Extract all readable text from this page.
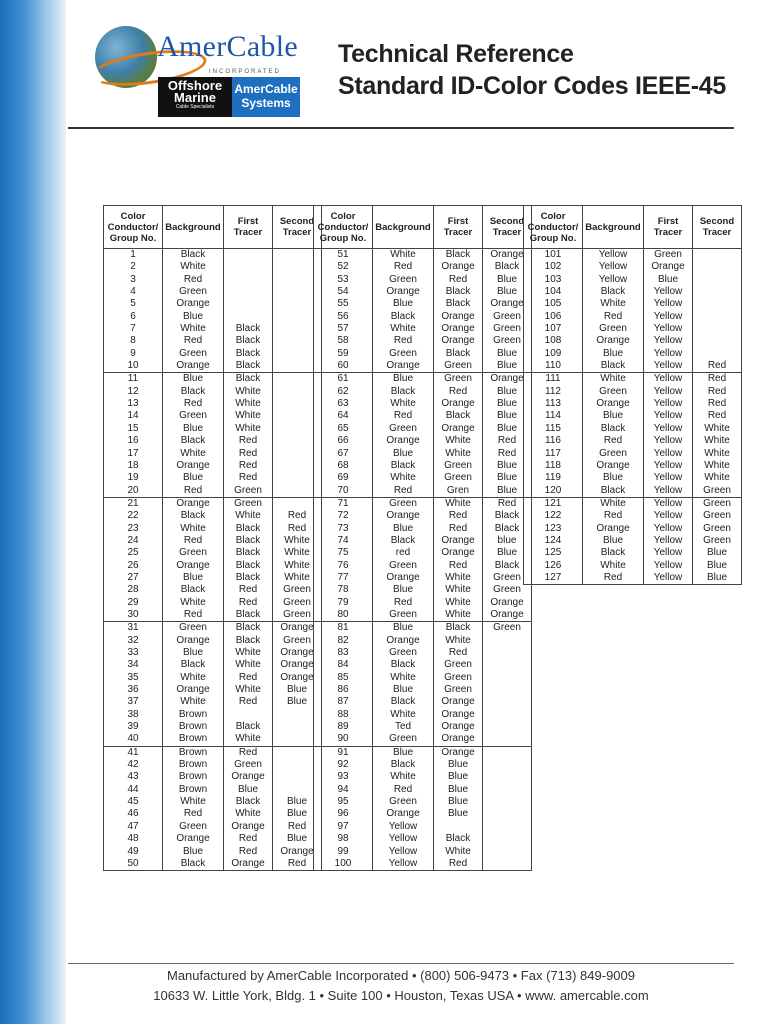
AmerCable
INCORPORATED
Offshore Marine
Cable Specialists
AmerCable Systems
Technical Reference
Standard ID-Color Codes IEEE-45
Color Conductor/ Group No.	Background	First Tracer	Second Tracer
1	Black		
2	White		
3	Red		
4	Green		
5	Orange		
6	Blue		
7	White	Black	
8	Red	Black	
9	Green	Black	
10	Orange	Black	
11	Blue	Black	
12	Black	White	
13	Red	White	
14	Green	White	
15	Blue	White	
16	Black	Red	
17	White	Red	
18	Orange	Red	
19	Blue	Red	
20	Red	Green	
21	Orange	Green	
22	Black	White	Red
23	White	Black	Red
24	Red	Black	White
25	Green	Black	White
26	Orange	Black	White
27	Blue	Black	White
28	Black	Red	Green
29	White	Red	Green
30	Red	Black	Green
31	Green	Black	Orange
32	Orange	Black	Green
33	Blue	White	Orange
34	Black	White	Orange
35	White	Red	Orange
36	Orange	White	Blue
37	White	Red	Blue
38	Brown		
39	Brown	Black	
40	Brown	White	
41	Brown	Red	
42	Brown	Green	
43	Brown	Orange	
44	Brown	Blue	
45	White	Black	Blue
46	Red	White	Blue
47	Green	Orange	Red
48	Orange	Red	Blue
49	Blue	Red	Orange
50	Black	Orange	Red
Color Conductor/ Group No.	Background	First Tracer	Second Tracer
51	White	Black	Orange
52	Red	Orange	Black
53	Green	Red	Blue
54	Orange	Black	Blue
55	Blue	Black	Orange
56	Black	Orange	Green
57	White	Orange	Green
58	Red	Orange	Green
59	Green	Black	Blue
60	Orange	Green	Blue
61	Blue	Green	Orange
62	Black	Red	Blue
63	White	Orange	Blue
64	Red	Black	Blue
65	Green	Orange	Blue
66	Orange	White	Red
67	Blue	White	Red
68	Black	Green	Blue
69	White	Green	Blue
70	Red	Gren	Blue
71	Green	White	Red
72	Orange	Red	Black
73	Blue	Red	Black
74	Black	Orange	blue
75	red	Orange	Blue
76	Green	Red	Black
77	Orange	White	Green
78	Blue	White	Green
79	Red	White	Orange
80	Green	White	Orange
81	Blue	Black	Green
82	Orange	White	
83	Green	Red	
84	Black	Green	
85	White	Green	
86	Blue	Green	
87	Black	Orange	
88	White	Orange	
89	Ted	Orange	
90	Green	Orange	
91	Blue	Orange	
92	Black	Blue	
93	White	Blue	
94	Red	Blue	
95	Green	Blue	
96	Orange	Blue	
97	Yellow		
98	Yellow	Black	
99	Yellow	White	
100	Yellow	Red	
Color Conductor/ Group No.	Background	First Tracer	Second Tracer
101	Yellow	Green	
102	Yellow	Orange	
103	Yellow	Blue	
104	Black	Yellow	
105	White	Yellow	
106	Red	Yellow	
107	Green	Yellow	
108	Orange	Yellow	
109	Blue	Yellow	
110	Black	Yellow	Red
111	White	Yellow	Red
112	Green	Yellow	Red
113	Orange	Yellow	Red
114	Blue	Yellow	Red
115	Black	Yellow	White
116	Red	Yellow	White
117	Green	Yellow	White
118	Orange	Yellow	White
119	Blue	Yellow	White
120	Black	Yellow	Green
121	White	Yellow	Green
122	Red	Yellow	Green
123	Orange	Yellow	Green
124	Blue	Yellow	Green
125	Black	Yellow	Blue
126	White	Yellow	Blue
127	Red	Yellow	Blue
Manufactured by AmerCable Incorporated • (800) 506-9473 • Fax (713) 849-9009
10633 W. Little York, Bldg. 1 • Suite 100 • Houston, Texas USA • www. amercable.com
